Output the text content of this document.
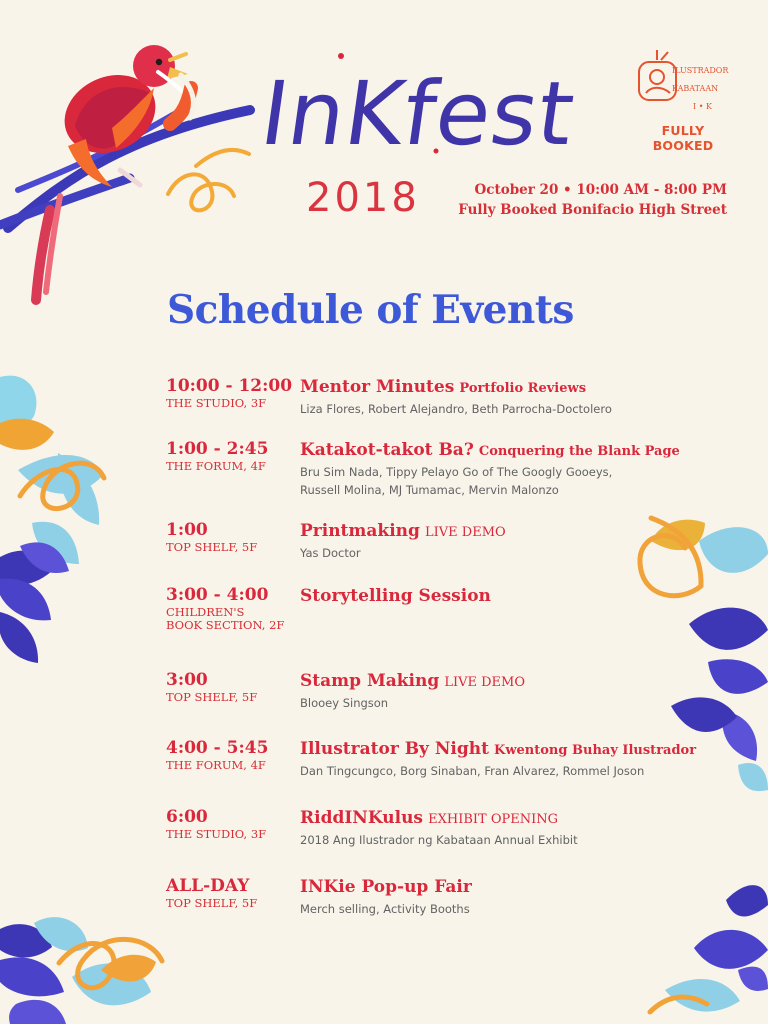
InKfest
2018
ILUSTRADOR
KABATAAN
I • K
FULLY BOOKED
October 20 • 10:00 AM - 8:00 PM
Fully Booked Bonifacio High Street
Schedule of Events
10:00 - 12:00
THE STUDIO, 3F
Mentor Minutes Portfolio Reviews
Liza Flores, Robert Alejandro, Beth Parrocha-Doctolero
1:00 - 2:45
THE FORUM, 4F
Katakot-takot Ba? Conquering the Blank Page
Bru Sim Nada, Tippy Pelayo Go of The Googly Gooeys,
Russell Molina, MJ Tumamac, Mervin Malonzo
1:00
TOP SHELF, 5F
Printmaking LIVE DEMO
Yas Doctor
3:00 - 4:00
CHILDREN'S
BOOK SECTION, 2F
Storytelling Session
3:00
TOP SHELF, 5F
Stamp Making LIVE DEMO
Blooey Singson
4:00 - 5:45
THE FORUM, 4F
Illustrator By Night Kwentong Buhay Ilustrador
Dan Tingcungco, Borg Sinaban, Fran Alvarez, Rommel Joson
6:00
THE STUDIO, 3F
RiddINKulus EXHIBIT OPENING
2018 Ang Ilustrador ng Kabataan Annual Exhibit
ALL-DAY
TOP SHELF, 5F
INKie Pop-up Fair
Merch selling, Activity Booths
